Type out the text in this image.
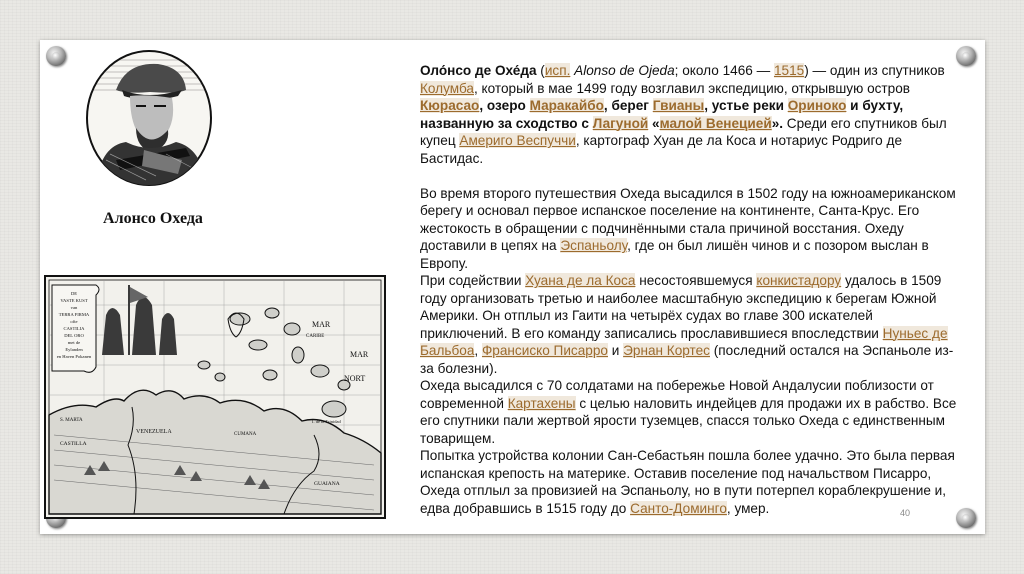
Алонсо Охеда
DE
VASTE KUST
van
TERRA FIRMA
ofte
CASTILIA
DEL ORO
met de
Eylanden
en Haven Pokanen
MAR
CARIBE
NORT
MAR
VENEZUELA
CASTILLA
S. MARTA	I. de la Trinidad
CUMANA
GUAIANA

Оло́нсо де Охе́да (исп. Alonso de Ojeda; около 1466 — 1515) — один из спутников Колумба, который в мае 1499 году возглавил экспедицию, открывшую остров Кюрасао, озеро Маракайбо, берег Гвианы, устье реки Ориноко и бухту, названную за сходство с Лагуной «малой Венецией». Среди его спутников был купец Америго Веспуччи, картограф Хуан де ла Коса и нотариус Родриго де Бастидас.

Во время второго путешествия Охеда высадился в 1502 году на южноамериканском берегу и основал первое испанское поселение на континенте, Санта-Крус. Его жестокость в обращении с подчинёнными стала причиной восстания. Охеду доставили в цепях на Эспаньолу, где он был лишён чинов и с позором выслан в Европу.

При содействии Хуана де ла Коса несостоявшемуся конкистадору удалось в 1509 году организовать третью и наиболее масштабную экспедицию к берегам Южной Америки. Он отплыл из Гаити на четырёх судах во главе 300 искателей приключений. В его команду записались прославившиеся впоследствии Нуньес де Бальбоа, Франсиско Писарро и Эрнан Кортес (последний остался на Эспаньоле из-за болезни).

Охеда высадился с 70 солдатами на побережье Новой Андалусии поблизости от современной Картахены с целью наловить индейцев для продажи их в рабство. Все его спутники пали жертвой ярости туземцев, спасся только Охеда с единственным товарищем.

Попытка устройства колонии Сан-Себастьян пошла более удачно. Это была первая испанская крепость на материке. Оставив поселение под начальством Писарро, Охеда отплыл за провизией на Эспаньолу, но в пути потерпел кораблекрушение и, едва добравшись в 1515 году до Санто-Доминго, умер.	40
